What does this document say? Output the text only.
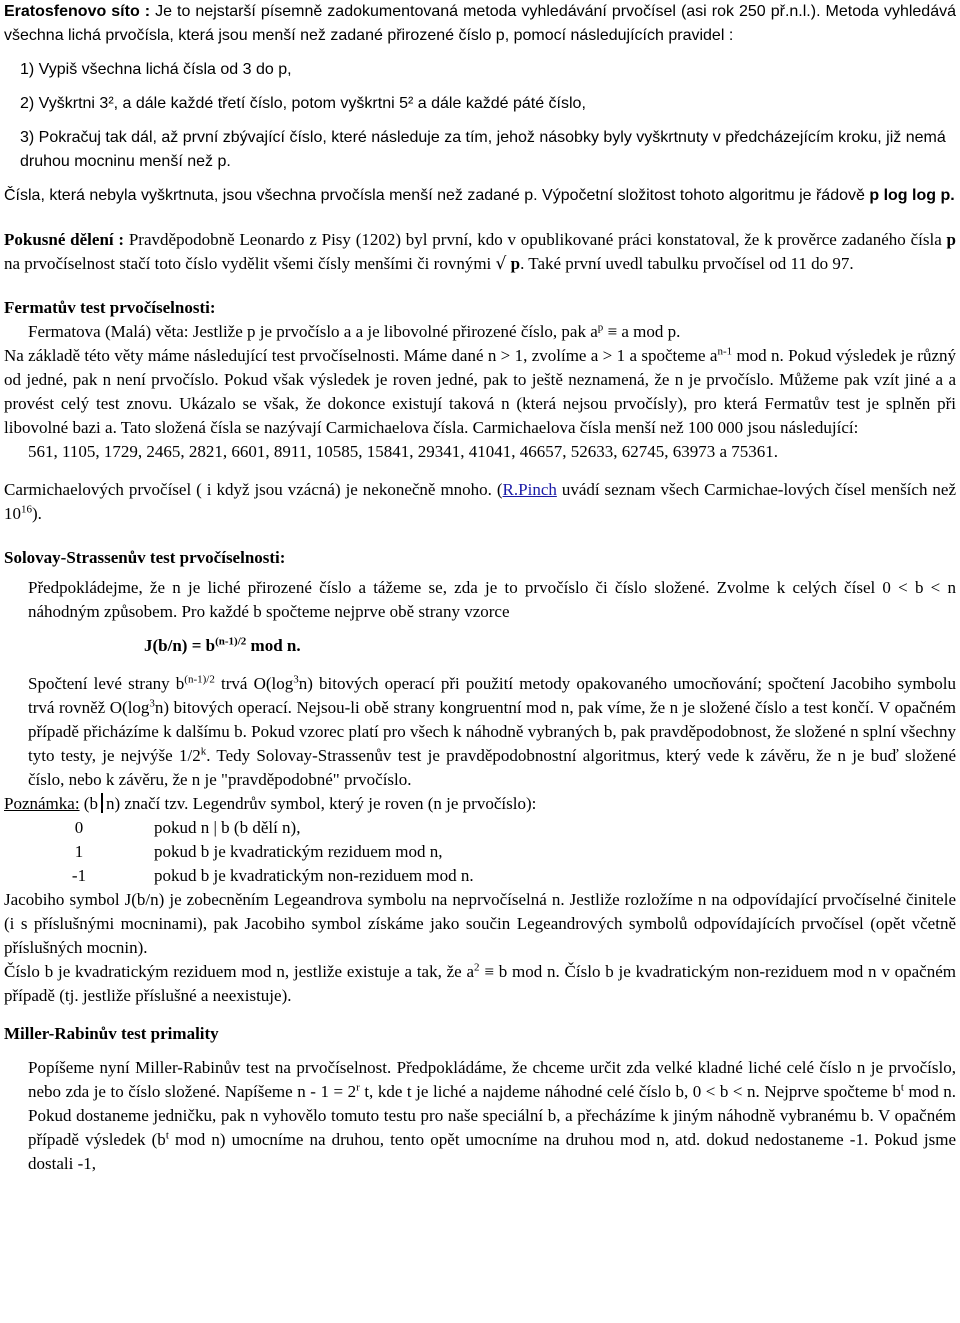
Eratosfenovo síto : Je to nejstarší písemně zadokumentovaná metoda vyhledávání prvočísel (asi rok 250 př.n.l.). Metoda vyhledává všechna lichá prvočísla, která jsou menší než zadané přirozené číslo p, pomocí následujících pravidel :

1) Vypiš všechna lichá čísla od 3 do p,

2) Vyškrtni 3², a dále každé třetí číslo, potom vyškrtni 5² a dále každé páté číslo,

3) Pokračuj tak dál, až první zbývající číslo, které následuje za tím, jehož násobky byly vyškrtnuty v předcházejícím kroku, již nemá druhou mocninu menší než p.

Čísla, která nebyla vyškrtnuta, jsou všechna prvočísla menší než zadané p. Výpočetní složitost tohoto algoritmu je řádově p log log p.

Pokusné dělení : Pravděpodobně Leonardo z Pisy (1202) byl první, kdo v opublikované práci konstatoval, že k prověrce zadaného čísla p na prvočíselnost stačí toto číslo vydělit všemi čísly menšími či rovnými √ p. Také první uvedl tabulku prvočísel od 11 do 97.

Fermatův test prvočíselnosti:

Fermatova (Malá) věta: Jestliže p je prvočíslo a a je libovolné přirozené číslo, pak $a^p \equiv a$ mod p.

Na základě této věty máme následující test prvočíselnosti. Máme dané n > 1, zvolíme a > 1 a spočteme $a^{n-1}$ mod n. Pokud výsledek je různý od jedné, pak n není prvočíslo. Pokud však výsledek je roven jedné, pak to ještě neznamená, že n je prvočíslo. Můžeme pak vzít jiné a a provést celý test znovu. Ukázalo se však, že dokonce existují taková n (která nejsou prvočísly), pro která Fermatův test je splněn při libovolné bazi a. Tato složená čísla se nazývají Carmichaelova čísla. Carmichaelova čísla menší než 100 000 jsou následující:

561, 1105, 1729, 2465, 2821, 6601, 8911, 10585, 15841, 29341, 41041, 46657, 52633, 62745, 63973 a 75361.

Carmichaelových prvočísel ( i když jsou vzácná) je nekonečně mnoho. (R.Pinch uvádí seznam všech Carmichae-lových čísel menších než $10^{16}$).

Solovay-Strassenův test prvočíselnosti:

Předpokládejme, že n je liché přirozené číslo a tážeme se, zda je to prvočíslo či číslo složené. Zvolme k celých čísel 0 < b < n náhodným způsobem. Pro každé b spočteme nejprve obě strany vzorce

$J(b/n) = b^{(n-1)/2}$ mod n.

Spočtení levé strany $b^{(n-1)/2}$ trvá $O(\log^3n)$ bitových operací při použití metody opakovaného umocňování; spočtení Jacobiho symbolu trvá rovněž $O(\log^3n)$ bitových operací. Nejsou-li obě strany kongruentní mod n, pak víme, že n je složené číslo a test končí. V opačném případě přicházíme k dalšímu b. Pokud vzorec platí pro všech k náhodně vybraných b, pak pravděpodobnost, že složené n splní všechny tyto testy, je nejvýše 1/2$^k$. Tedy Solovay-Strassenův test je pravděpodobnostní algoritmus, který vede k závěru, že n je buď složené číslo, nebo k závěru, že n je "pravděpodobné" prvočíslo.

Poznámka: (b n) značí tzv. Legendrův symbol, který je roven (n je prvočíslo):

0	pokud n | b (b dělí n),
1	pokud b je kvadratickým reziduem mod n,
-1	pokud b je kvadratickým non-reziduem mod n.

Jacobiho symbol J(b/n) je zobecněním Legeandrova symbolu na neprvočíselná n. Jestliže rozložíme n na odpovídající prvočíselné činitele (i s příslušnými mocninami), pak Jacobiho symbol získáme jako součin Legeandrových symbolů odpovídajících prvočísel (opět včetně příslušných mocnin).

Číslo b je kvadratickým reziduem mod n, jestliže existuje a tak, že $a^2 \equiv b$ mod n. Číslo b je kvadratickým non-reziduem mod n v opačném případě (tj. jestliže příslušné a neexistuje).

Miller-Rabinův test primality

Popíšeme nyní Miller-Rabinův test na prvočíselnost. Předpokládáme, že chceme určit zda velké kladné liché celé číslo n je prvočíslo, nebo zda je to číslo složené. Napíšeme $n - 1 = 2^r$ t, kde t je liché a najdeme náhodné celé číslo b, 0 < b < n. Nejprve spočteme $b^t$ mod n. Pokud dostaneme jedničku, pak n vyhovělo tomuto testu pro naše speciální b, a přecházíme k jiným náhodně vybranému b. V opačném případě výsledek ($b^t$ mod n) umocníme na druhou, tento opět umocníme na druhou mod n, atd. dokud nedostaneme -1. Pokud jsme dostali -1,
